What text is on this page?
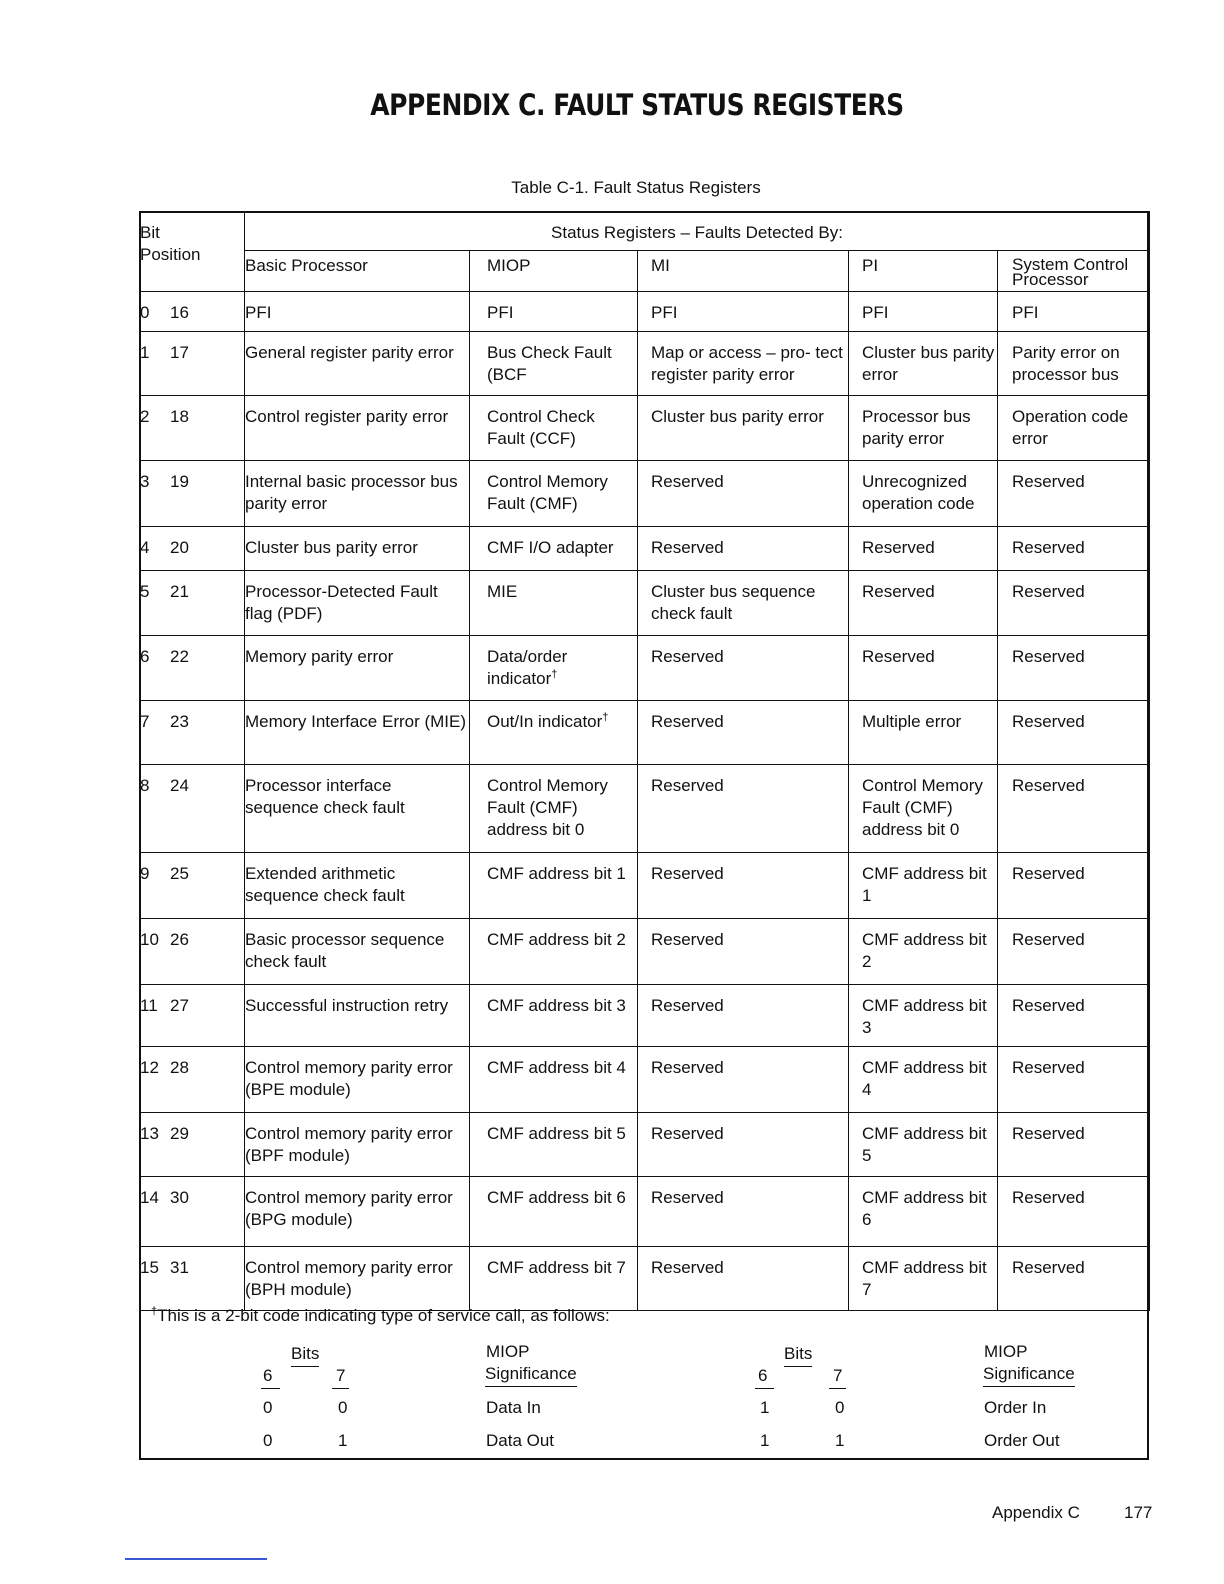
APPENDIX C. FAULT STATUS REGISTERS
Table C-1. Fault Status Registers
Bit
Position	Status Registers – Faults Detected By:				
	Basic Processor	MIOP	MI	PI	System Control Processor

0 16	PFI	PFI	PFI	PFI	PFI
1 17	General register parity error	Bus Check Fault (BCF	Map or access – pro- tect register parity error	Cluster bus parity error	Parity error on processor bus
2 18	Control register parity error	Control Check Fault (CCF)	Cluster bus parity error	Processor bus parity error	Operation code error
3 19	Internal basic processor bus parity error	Control Memory Fault (CMF)	Reserved	Unrecognized operation code	Reserved
4 20	Cluster bus parity error	CMF I/O adapter	Reserved	Reserved	Reserved
5 21	Processor-Detected Fault flag (PDF)	MIE	Cluster bus sequence check fault	Reserved	Reserved
6 22	Memory parity error	Data/order indicator†	Reserved	Reserved	Reserved
7 23	Memory Interface Error (MIE)	Out/In indicator†	Reserved	Multiple error	Reserved
8 24	Processor interface sequence check fault	Control Memory Fault (CMF) address bit 0	Reserved	Control Memory Fault (CMF) address bit 0	Reserved
9 25	Extended arithmetic sequence check fault	CMF address bit 1	Reserved	CMF address bit 1	Reserved
10 26	Basic processor sequence check fault	CMF address bit 2	Reserved	CMF address bit 2	Reserved
11 27	Successful instruction retry	CMF address bit 3	Reserved	CMF address bit 3	Reserved
12 28	Control memory parity error (BPE module)	CMF address bit 4	Reserved	CMF address bit 4	Reserved
13 29	Control memory parity error (BPF module)	CMF address bit 5	Reserved	CMF address bit 5	Reserved
14 30	Control memory parity error (BPG module)	CMF address bit 6	Reserved	CMF address bit 6	Reserved
15 31	Control memory parity error (BPH module)	CMF address bit 7	Reserved	CMF address bit 7	Reserved
†This is a 2-bit code indicating type of service call, as follows:
Bits
6	7
MIOP
Significance
0	0	Data In
0	1	Data Out
Bits
6	7
MIOP
Significance
1	0	Order In
1	1	Order Out
Appendix C	177
